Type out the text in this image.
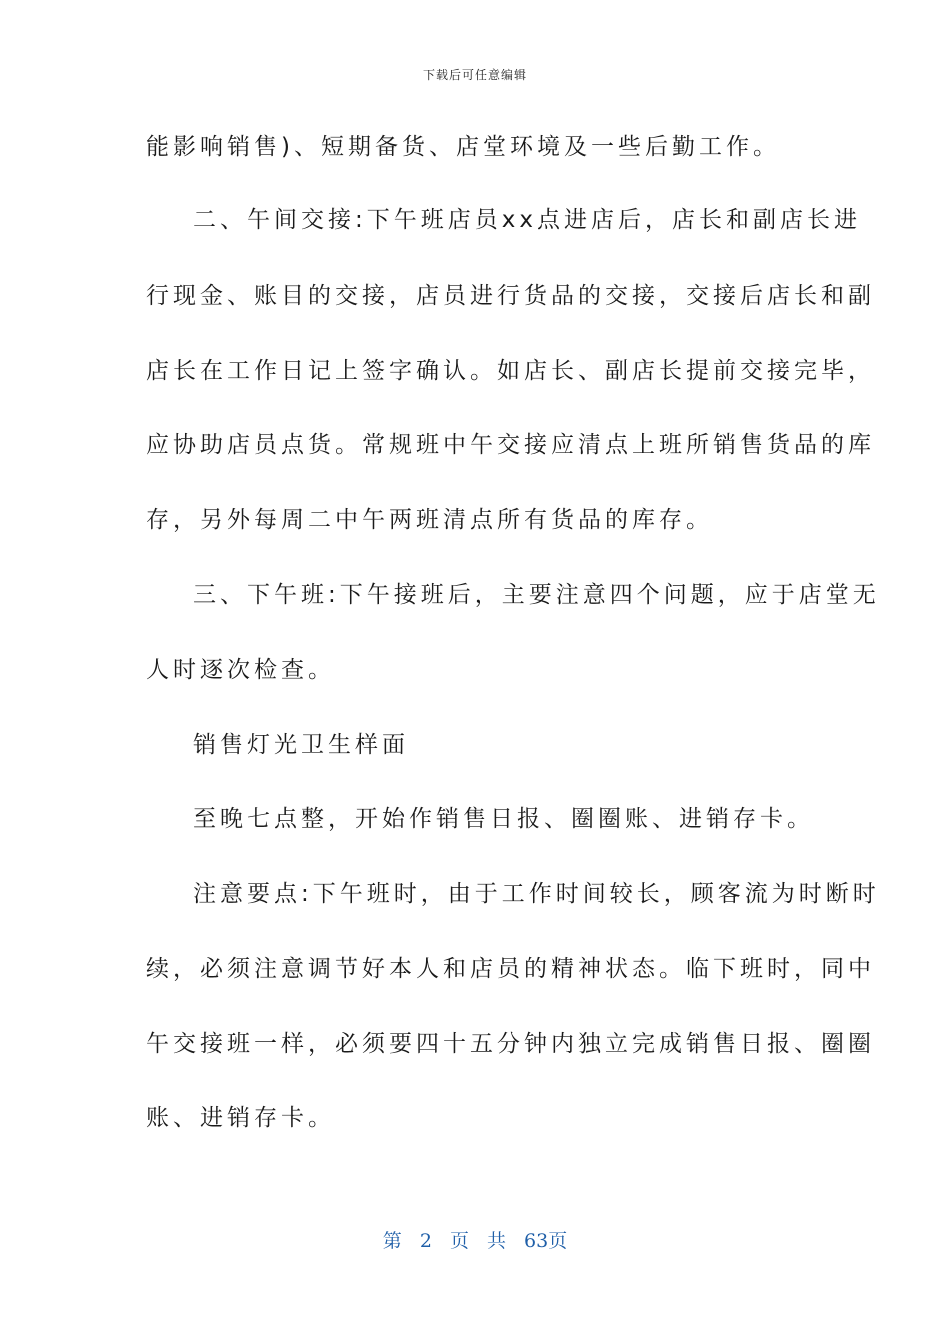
下载后可任意编辑
能影响销售)、短期备货、店堂环境及一些后勤工作。
二、午间交接:下午班店员xx点进店后，店长和副店长进
行现金、账目的交接，店员进行货品的交接，交接后店长和副
店长在工作日记上签字确认。如店长、副店长提前交接完毕，
应协助店员点货。常规班中午交接应清点上班所销售货品的库
存，另外每周二中午两班清点所有货品的库存。
三、下午班:下午接班后，主要注意四个问题，应于店堂无
人时逐次检查。
销售灯光卫生样面
至晚七点整，开始作销售日报、圈圈账、进销存卡。
注意要点:下午班时，由于工作时间较长，顾客流为时断时
续，必须注意调节好本人和店员的精神状态。临下班时，同中
午交接班一样，必须要四十五分钟内独立完成销售日报、圈圈
账、进销存卡。
第 2 页 共 63页
